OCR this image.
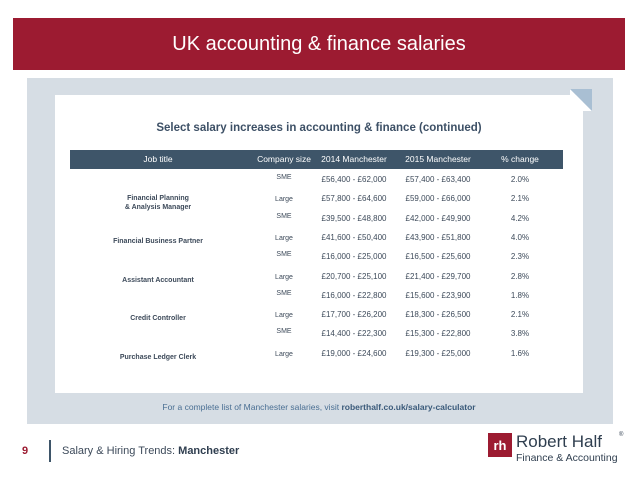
UK accounting & finance salaries
Select salary increases in accounting & finance (continued)
Job title	Company size	2014 Manchester	2015 Manchester	% change
Financial Planning
& Analysis Manager
SME	£56,400 - £62,000	£57,400 - £63,400	2.0%
Large	£57,800 - £64,600	£59,000 - £66,000	2.1%
Financial Business Partner
SME	£39,500 - £48,800	£42,000 - £49,900	4.2%
Large	£41,600 - £50,400	£43,900 - £51,800	4.0%
Assistant Accountant
SME	£16,000 - £25,000	£16,500 - £25,600	2.3%
Large	£20,700 - £25,100	£21,400 - £29,700	2.8%
Credit Controller
SME	£16,000 - £22,800	£15,600 - £23,900	1.8%
Large	£17,700 - £26,200	£18,300 - £26,500	2.1%
Purchase Ledger Clerk
SME	£14,400 - £22,300	£15,300 - £22,800	3.8%
Large	£19,000 - £24,600	£19,300 - £25,000	1.6%
For a complete list of Manchester salaries, visit roberthalf.co.uk/salary-calculator
9	Salary & Hiring Trends: Manchester	rh Robert Half	®
Finance & Accounting
